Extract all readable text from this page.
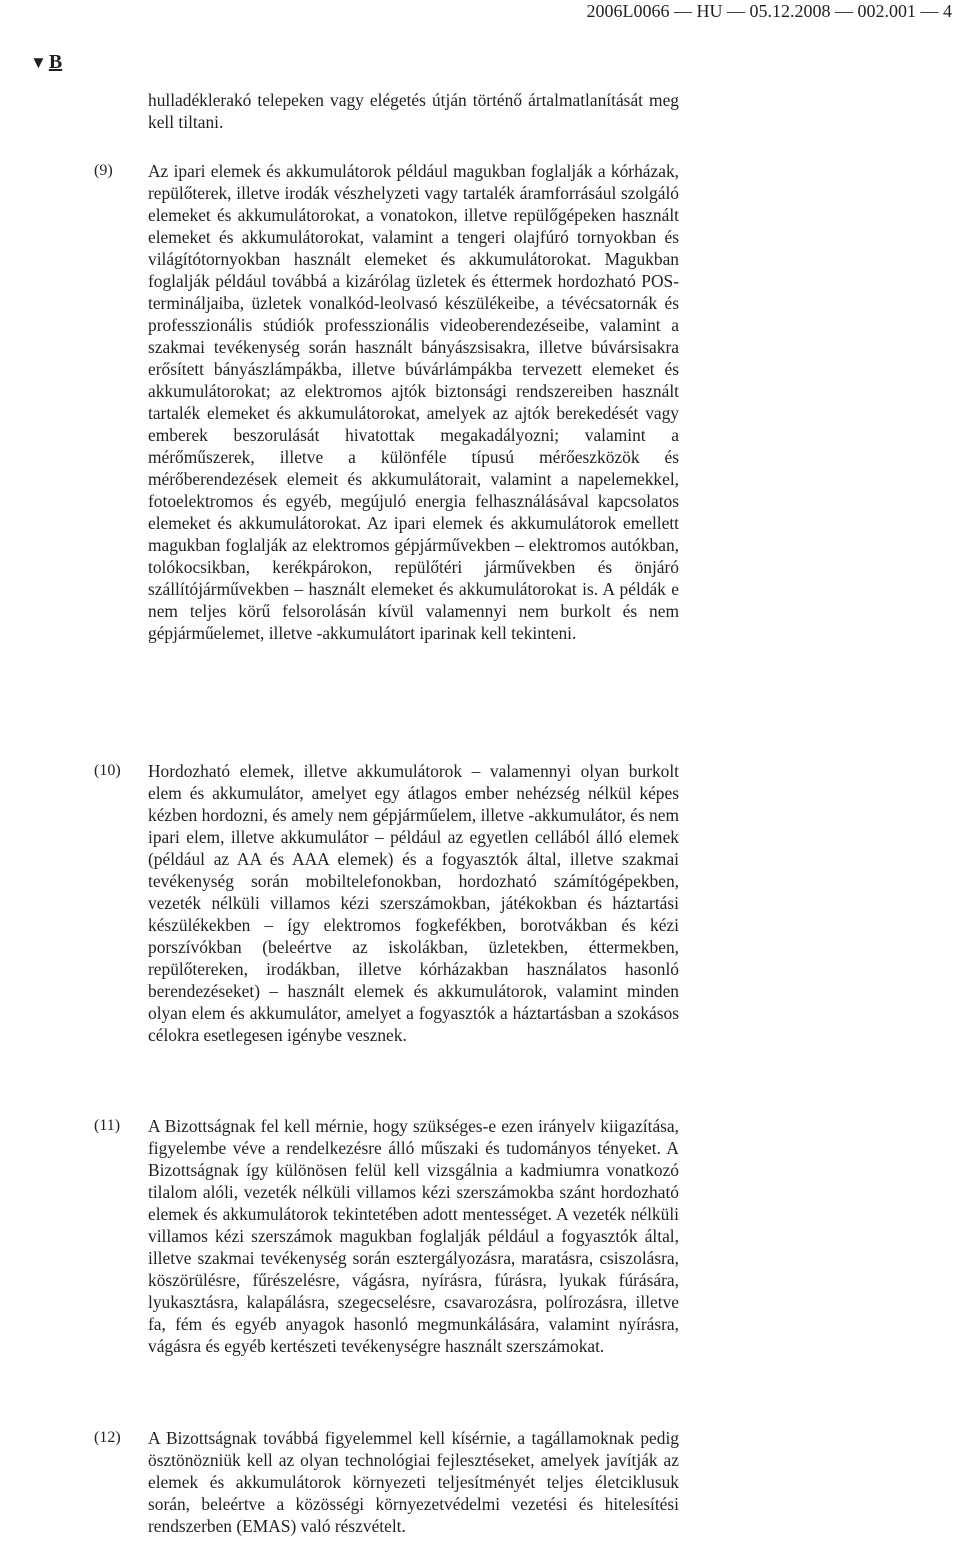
2006L0066 — HU — 05.12.2008 — 002.001 — 4
▼ B

hulladéklerakó telepeken vagy elégetés útján történő ártalmatlanítását meg kell tiltani.

(9) Az ipari elemek és akkumulátorok például magukban foglalják a kórházak, repülőterek, illetve irodák vészhelyzeti vagy tartalék áramforrásául szolgáló elemeket és akkumulátorokat, a vonatokon, illetve repülőgépeken használt elemeket és akkumulátorokat, valamint a tengeri olajfúró tornyokban és világítótornyokban használt elemeket és akkumulátorokat. Magukban foglalják például továbbá a kizárólag üzletek és éttermek hordozható POS-termináljaiba, üzletek vonalkód-leolvasó készülékeibe, a tévécsatornák és professzionális stúdiók professzionális videoberendezéseibe, valamint a szakmai tevékenység során használt bányászsisakra, illetve búvársisakra erősített bányászlámpákba, illetve búvárlámpákba tervezett elemeket és akkumulátorokat; az elektromos ajtók biztonsági rendszereiben használt tartalék elemeket és akkumulátorokat, amelyek az ajtók berekedését vagy emberek beszorulását hivatottak megakadályozni; valamint a mérőműszerek, illetve a különféle típusú mérőeszközök és mérőberendezések elemeit és akkumulátorait, valamint a napelemekkel, fotoelektromos és egyéb, megújuló energia felhasználásával kapcsolatos elemeket és akkumulátorokat. Az ipari elemek és akkumulátorok emellett magukban foglalják az elektromos gépjárművekben – elektromos autókban, tolókocsikban, kerékpárokon, repülőtéri járművekben és önjáró szállítójárművekben – használt elemeket és akkumulátorokat is. A példák e nem teljes körű felsorolásán kívül valamennyi nem burkolt és nem gépjárműelemet, illetve -akkumulátort iparinak kell tekinteni.

(10) Hordozható elemek, illetve akkumulátorok – valamennyi olyan burkolt elem és akkumulátor, amelyet egy átlagos ember nehézség nélkül képes kézben hordozni, és amely nem gépjárműelem, illetve -akkumulátor, és nem ipari elem, illetve akkumulátor – például az egyetlen cellából álló elemek (például az AA és AAA elemek) és a fogyasztók által, illetve szakmai tevékenység során mobiltelefonokban, hordozható számítógépekben, vezeték nélküli villamos kézi szerszámokban, játékokban és háztartási készülékekben – így elektromos fogkefékben, borotvákban és kézi porszívókban (beleértve az iskolákban, üzletekben, éttermekben, repülőtereken, irodákban, illetve kórházakban használatos hasonló berendezéseket) – használt elemek és akkumulátorok, valamint minden olyan elem és akkumulátor, amelyet a fogyasztók a háztartásban a szokásos célokra esetlegesen igénybe vesznek.

(11) A Bizottságnak fel kell mérnie, hogy szükséges-e ezen irányelv kiigazítása, figyelembe véve a rendelkezésre álló műszaki és tudományos tényeket. A Bizottságnak így különösen felül kell vizsgálnia a kadmiumra vonatkozó tilalom alóli, vezeték nélküli villamos kézi szerszámokba szánt hordozható elemek és akkumulátorok tekintetében adott mentességet. A vezeték nélküli villamos kézi szerszámok magukban foglalják például a fogyasztók által, illetve szakmai tevékenység során esztergályozásra, maratásra, csiszolásra, köszörülésre, fűrészelésre, vágásra, nyírásra, fúrásra, lyukak fúrására, lyukasztásra, kalapálásra, szegecselésre, csavarozásra, polírozásra, illetve fa, fém és egyéb anyagok hasonló megmunkálására, valamint nyírásra, vágásra és egyéb kertészeti tevékenységre használt szerszámokat.

(12) A Bizottságnak továbbá figyelemmel kell kísérnie, a tagállamoknak pedig ösztönözniük kell az olyan technológiai fejlesztéseket, amelyek javítják az elemek és akkumulátorok környezeti teljesítményét teljes életciklusuk során, beleértve a közösségi környezetvédelmi vezetési és hitelesítési rendszerben (EMAS) való részvételt.
